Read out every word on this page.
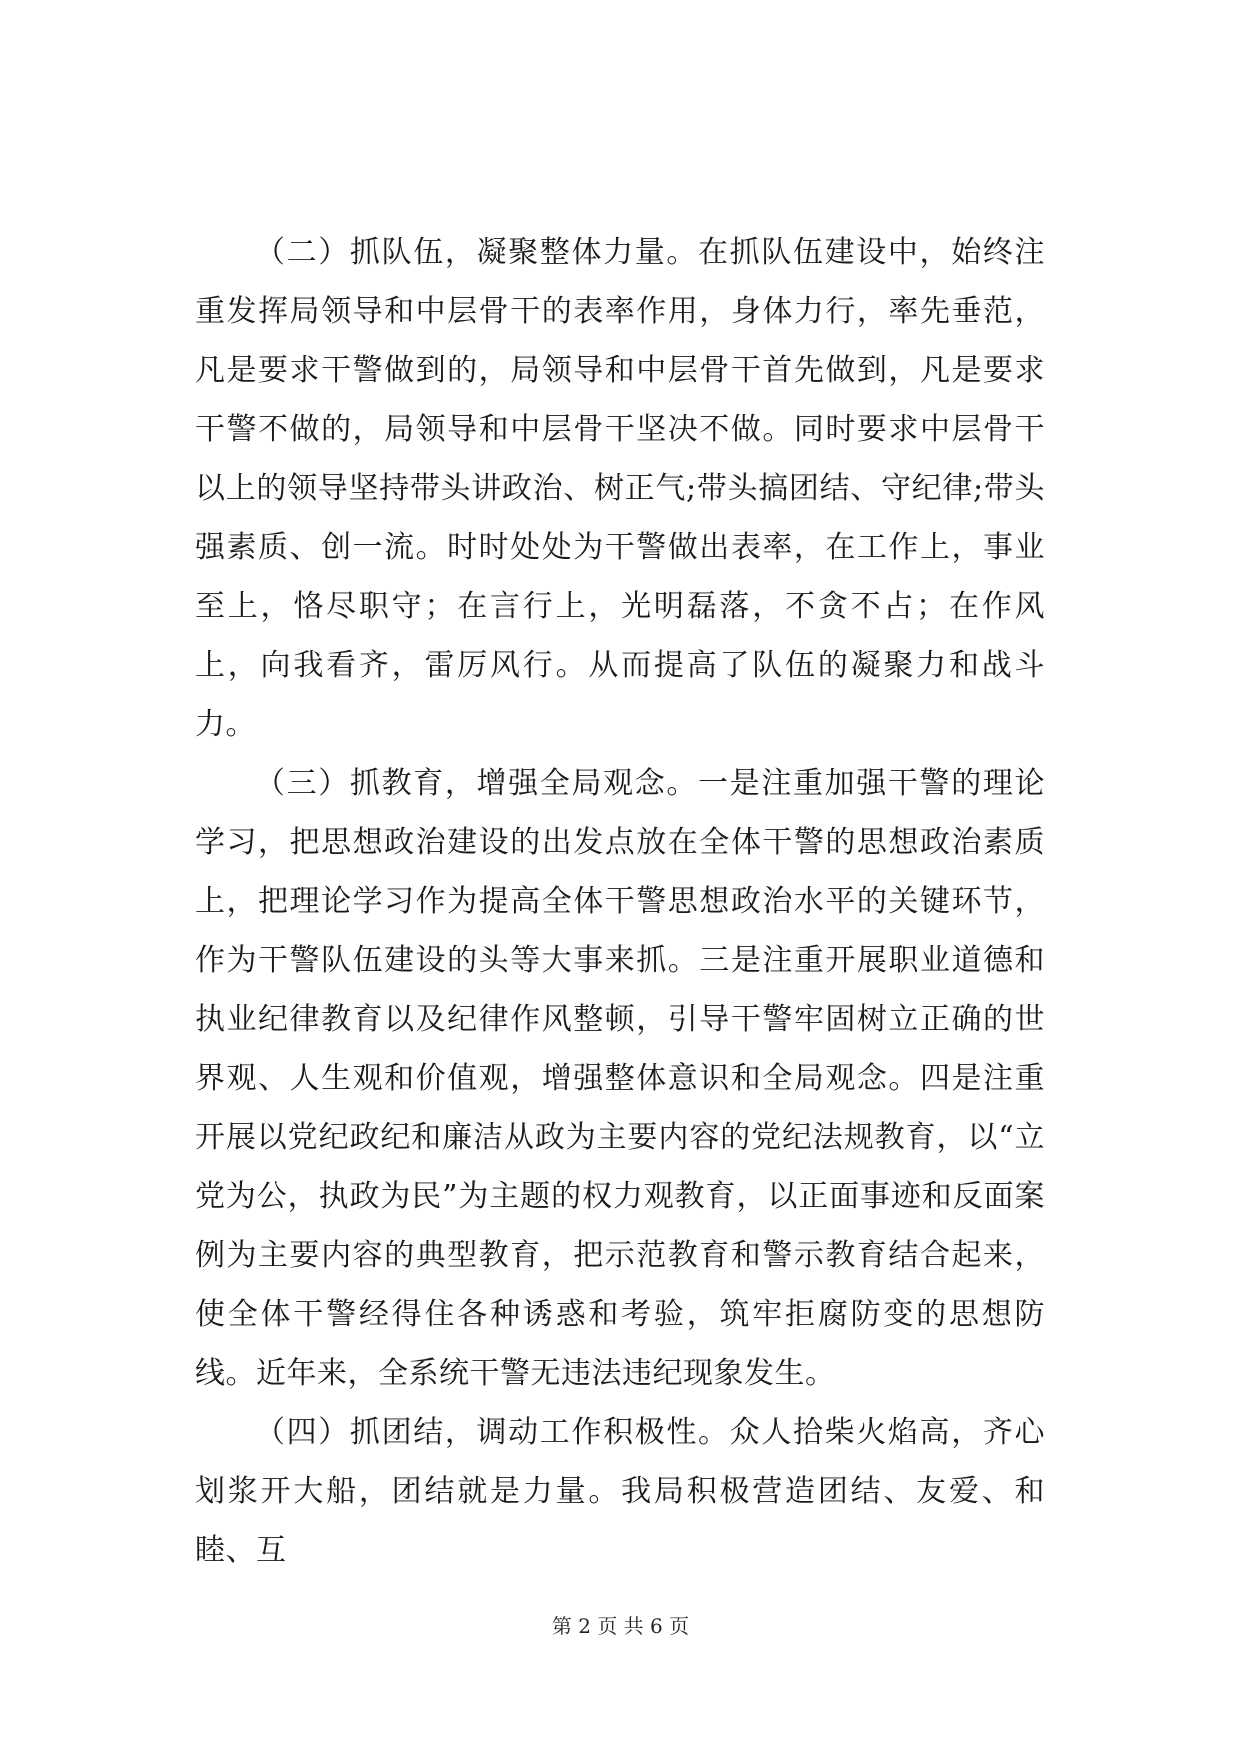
（二）抓队伍，凝聚整体力量。在抓队伍建设中，始终注重发挥局领导和中层骨干的表率作用，身体力行，率先垂范，凡是要求干警做到的，局领导和中层骨干首先做到，凡是要求干警不做的，局领导和中层骨干坚决不做。同时要求中层骨干以上的领导坚持带头讲政治、树正气;带头搞团结、守纪律;带头强素质、创一流。时时处处为干警做出表率，在工作上，事业至上，恪尽职守；在言行上，光明磊落，不贪不占；在作风上，向我看齐，雷厉风行。从而提高了队伍的凝聚力和战斗力。

（三）抓教育，增强全局观念。一是注重加强干警的理论学习，把思想政治建设的出发点放在全体干警的思想政治素质上，把理论学习作为提高全体干警思想政治水平的关键环节，作为干警队伍建设的头等大事来抓。三是注重开展职业道德和执业纪律教育以及纪律作风整顿，引导干警牢固树立正确的世界观、人生观和价值观，增强整体意识和全局观念。四是注重开展以党纪政纪和廉洁从政为主要内容的党纪法规教育，以“立党为公，执政为民”为主题的权力观教育，以正面事迹和反面案例为主要内容的典型教育，把示范教育和警示教育结合起来，使全体干警经得住各种诱惑和考验，筑牢拒腐防变的思想防线。近年来，全系统干警无违法违纪现象发生。

（四）抓团结，调动工作积极性。众人拾柴火焰高，齐心划浆开大船，团结就是力量。我局积极营造团结、友爱、和睦、互

第 2 页 共 6 页
